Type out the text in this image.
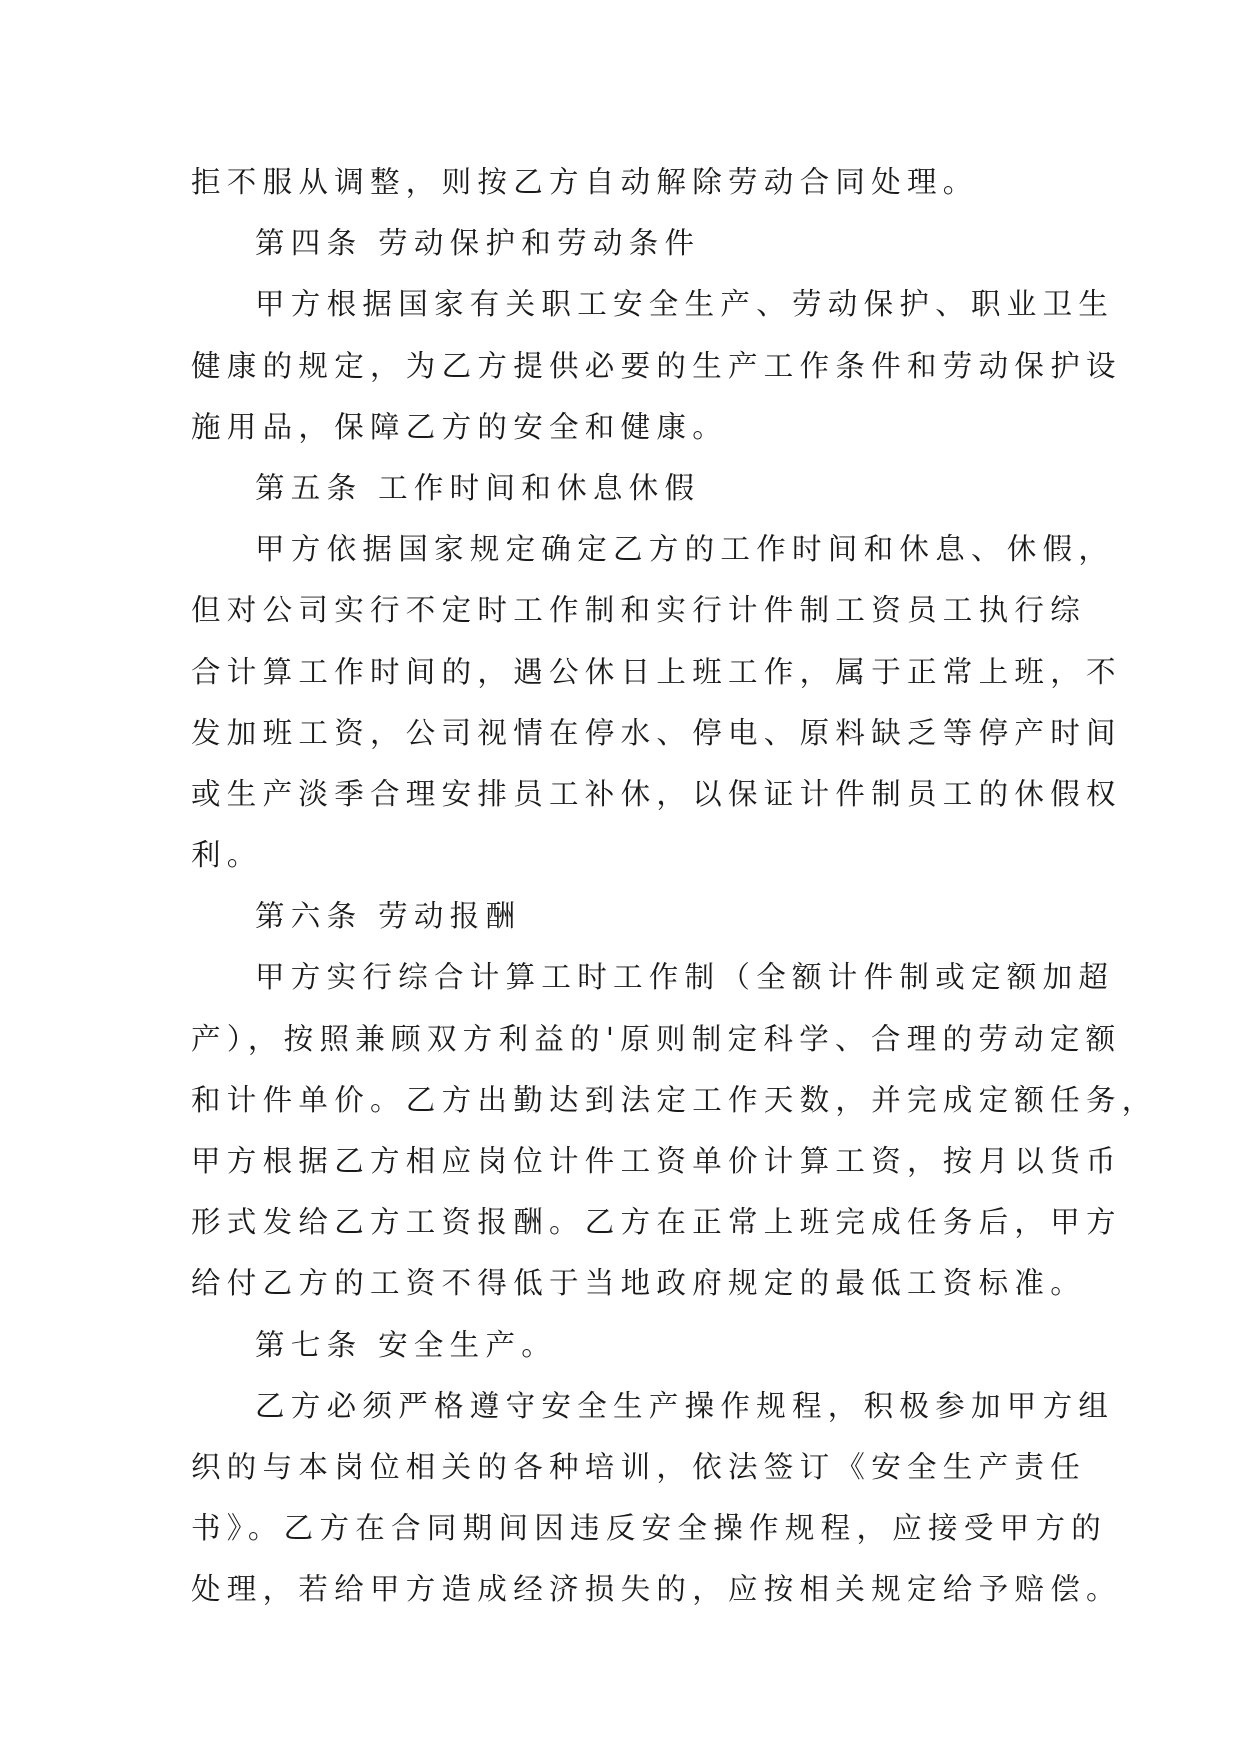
拒不服从调整，则按乙方自动解除劳动合同处理。
第四条 劳动保护和劳动条件
甲方根据国家有关职工安全生产、劳动保护、职业卫生
健康的规定，为乙方提供必要的生产工作条件和劳动保护设
施用品，保障乙方的安全和健康。
第五条 工作时间和休息休假
甲方依据国家规定确定乙方的工作时间和休息、休假，
但对公司实行不定时工作制和实行计件制工资员工执行综
合计算工作时间的，遇公休日上班工作，属于正常上班，不
发加班工资，公司视情在停水、停电、原料缺乏等停产时间
或生产淡季合理安排员工补休，以保证计件制员工的休假权
利。
第六条 劳动报酬
甲方实行综合计算工时工作制（全额计件制或定额加超
产），按照兼顾双方利益的'原则制定科学、合理的劳动定额
和计件单价。乙方出勤达到法定工作天数，并完成定额任务，
甲方根据乙方相应岗位计件工资单价计算工资，按月以货币
形式发给乙方工资报酬。乙方在正常上班完成任务后，甲方
给付乙方的工资不得低于当地政府规定的最低工资标准。
第七条 安全生产。
乙方必须严格遵守安全生产操作规程，积极参加甲方组
织的与本岗位相关的各种培训，依法签订《安全生产责任
书》。乙方在合同期间因违反安全操作规程，应接受甲方的
处理，若给甲方造成经济损失的，应按相关规定给予赔偿。
